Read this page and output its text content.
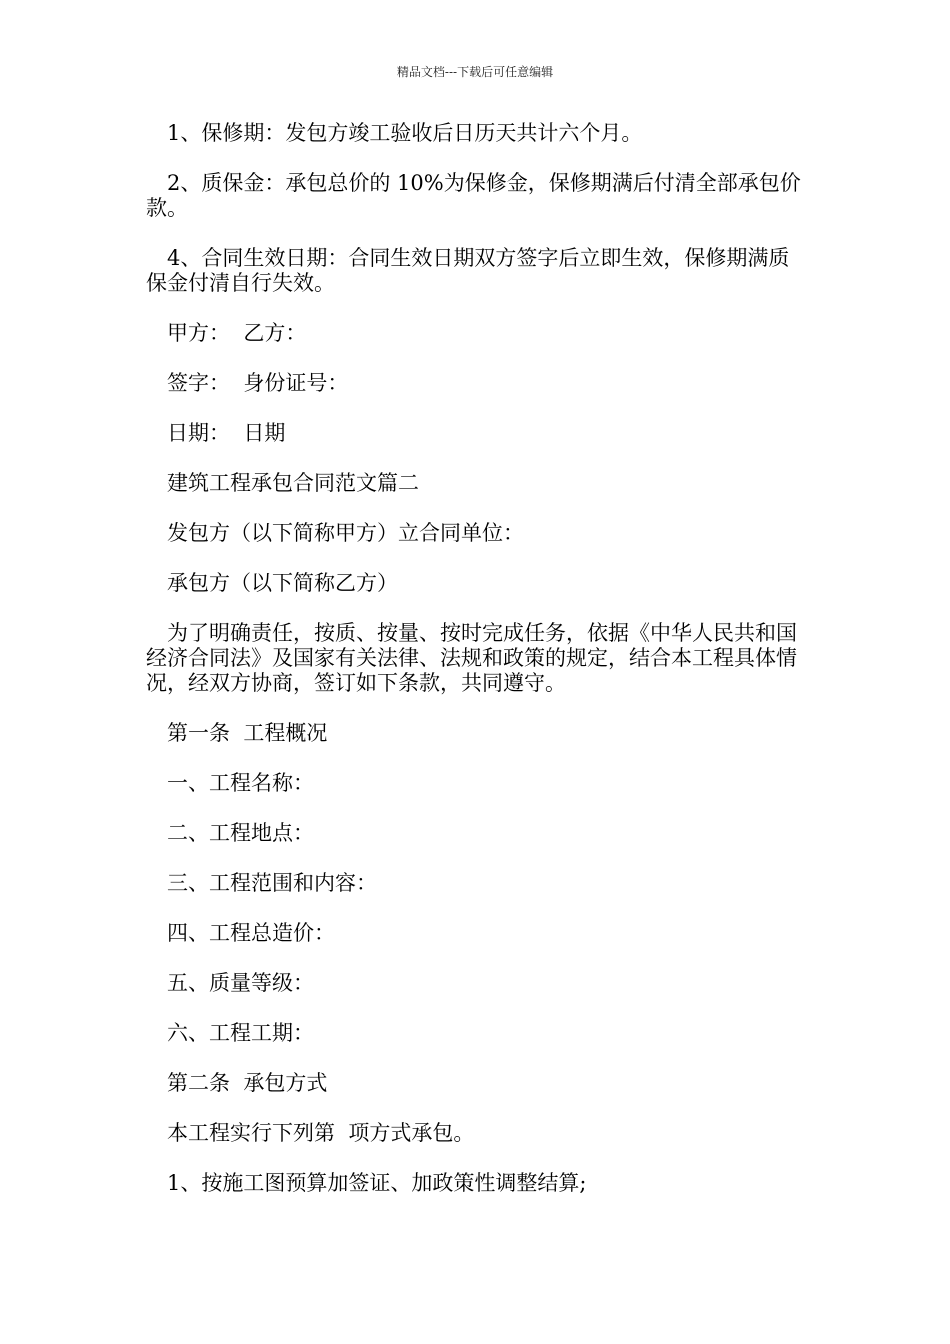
精品文档---下载后可任意编辑

1、保修期：发包方竣工验收后日历天共计六个月。

2、质保金：承包总价的 10%为保修金，保修期满后付清全部承包价款。

4、合同生效日期：合同生效日期双方签字后立即生效，保修期满质保金付清自行失效。

甲方：  乙方：

签字：  身份证号：

日期：  日期

建筑工程承包合同范文篇二

发包方（以下简称甲方）立合同单位：

承包方（以下简称乙方）

为了明确责任，按质、按量、按时完成任务，依据《中华人民共和国经济合同法》及国家有关法律、法规和政策的规定，结合本工程具体情况，经双方协商，签订如下条款，共同遵守。

第一条  工程概况

一、工程名称：

二、工程地点：

三、工程范围和内容：

四、工程总造价：

五、质量等级：

六、工程工期：

第二条  承包方式

本工程实行下列第  项方式承包。

1、按施工图预算加签证、加政策性调整结算;
